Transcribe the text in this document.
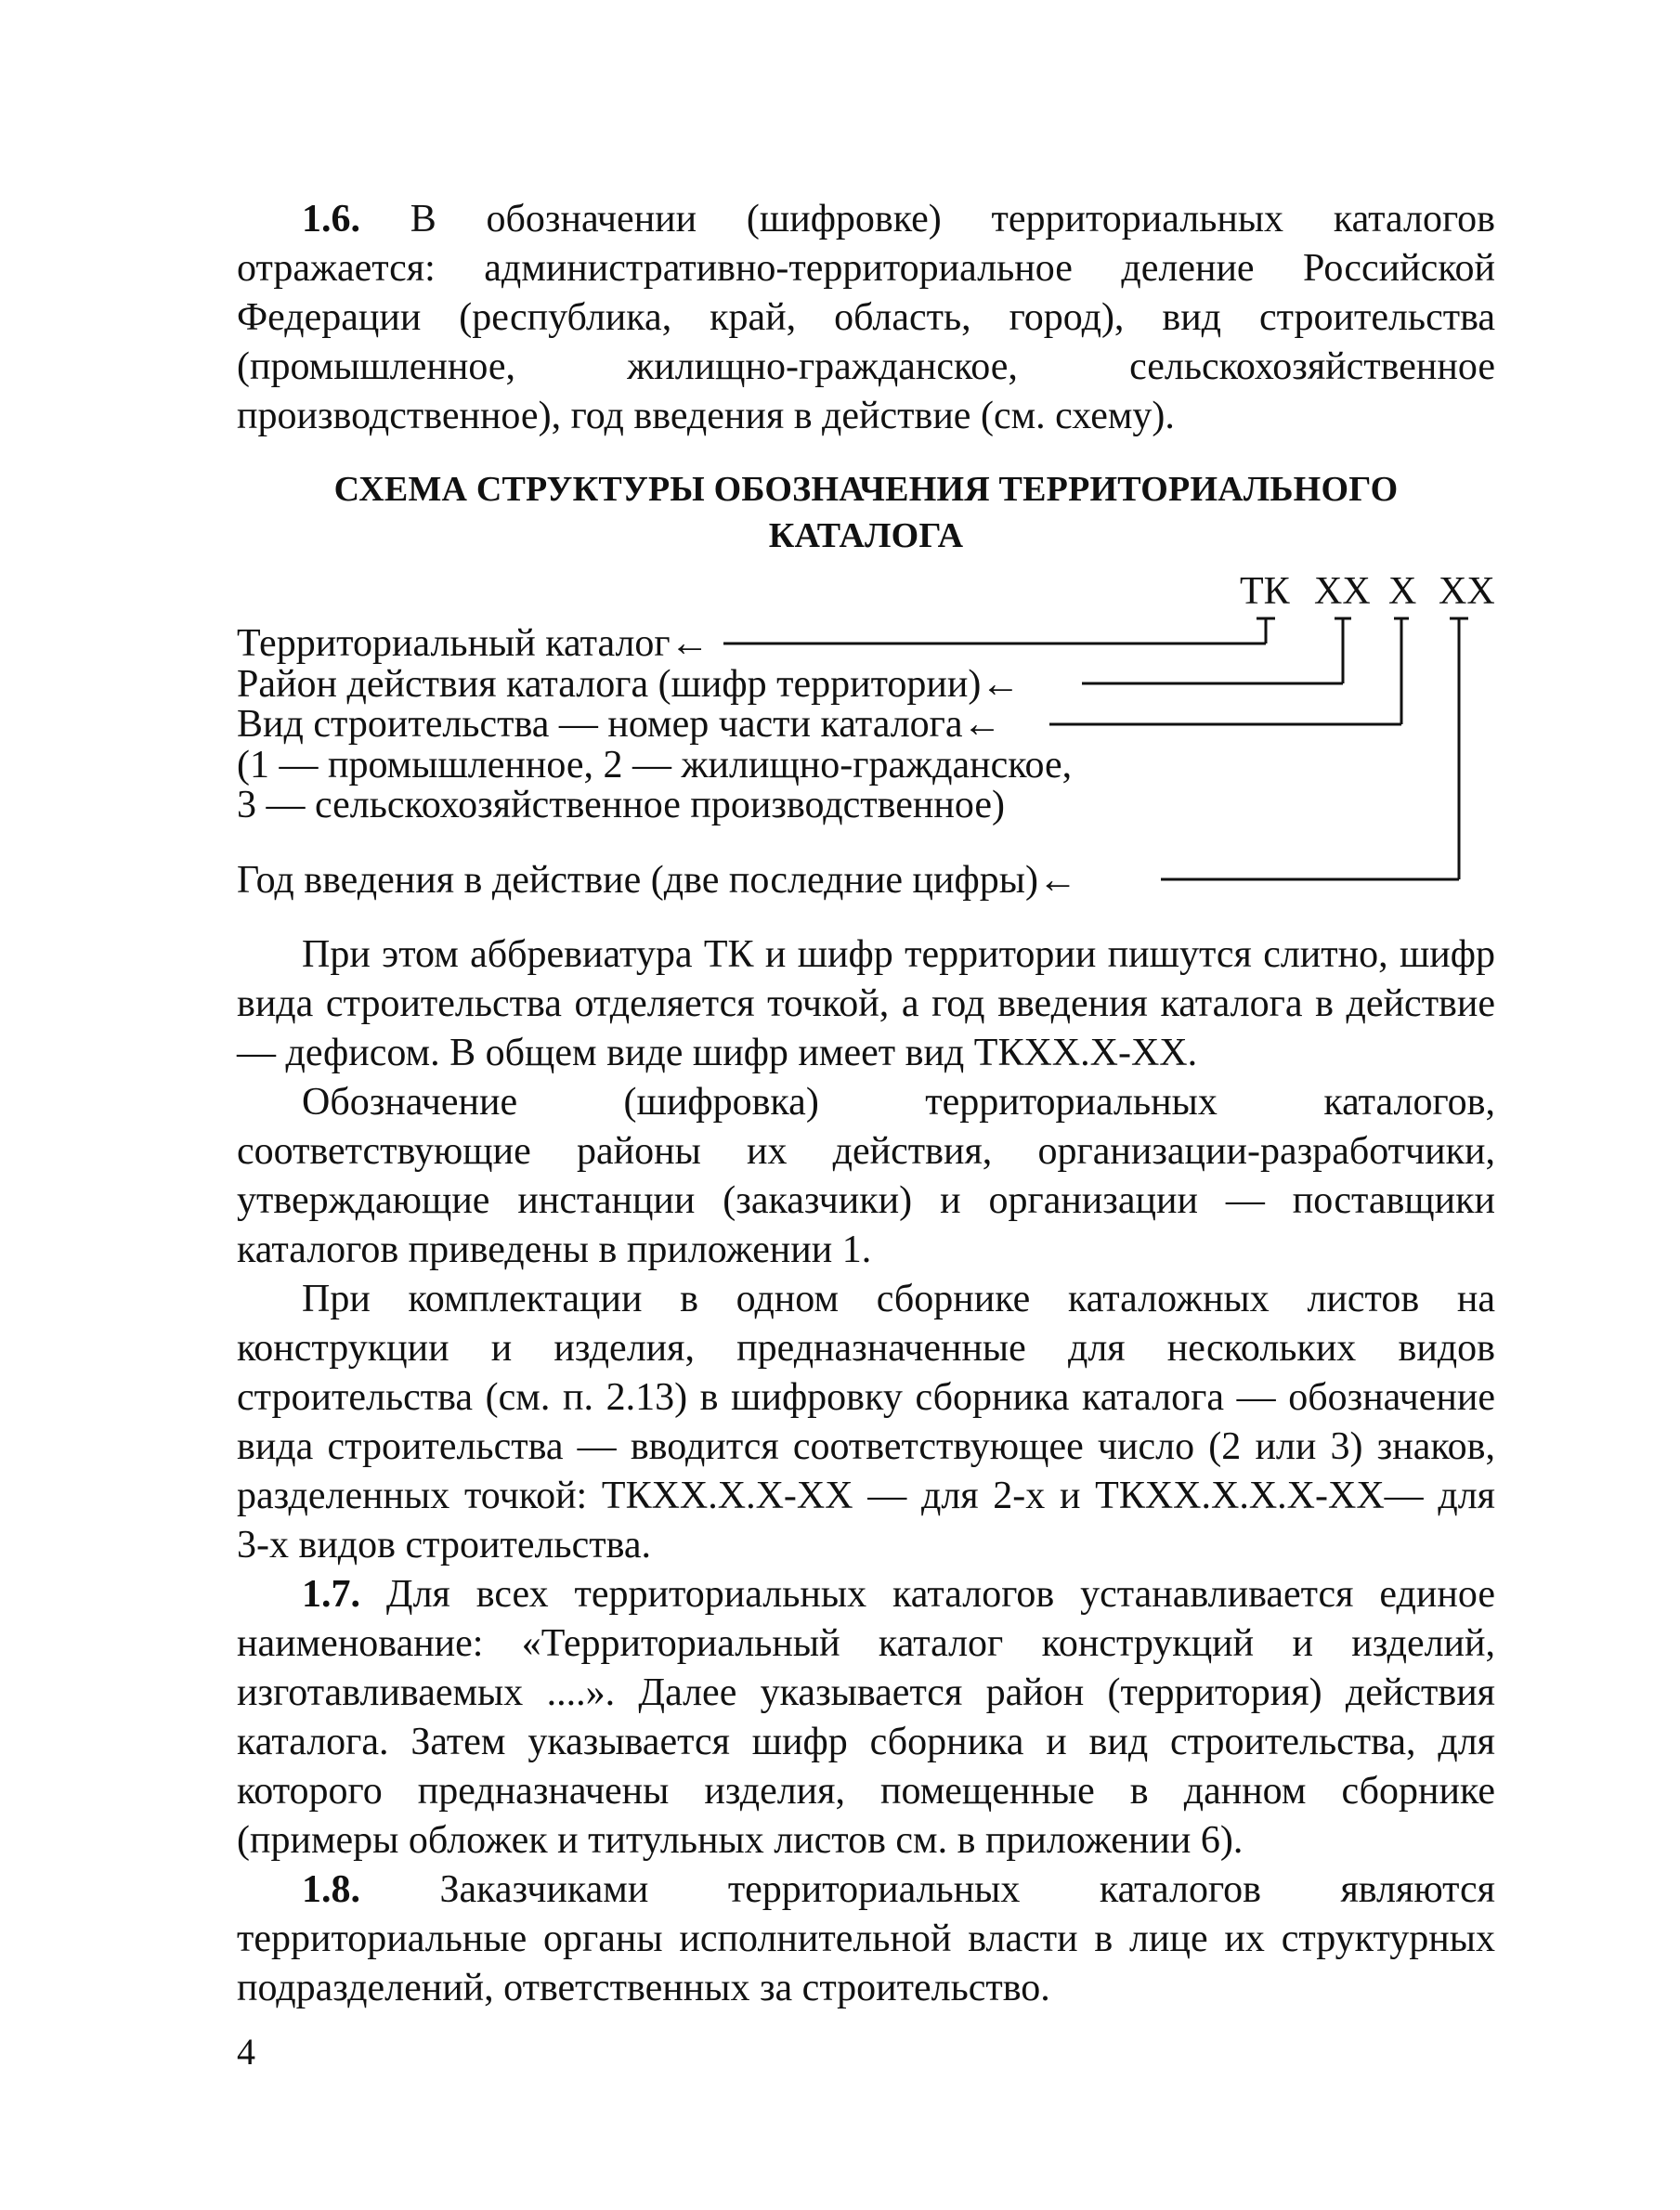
1.6. В обозначении (шифровке) территориальных каталогов отражается: административно-территориальное деление Российской Федерации (республика, край, область, город), вид строительства (промышленное, жилищно-гражданское, сельскохозяйственное производственное), год введения в действие (см. схему).

СХЕМА СТРУКТУРЫ ОБОЗНАЧЕНИЯ ТЕРРИТОРИАЛЬНОГО
КАТАЛОГА
ТК ХХ Х ХХ
Территориальный каталог←
Район действия каталога (шифр территории)←
Вид строительства — номер части каталога←
(1 — промышленное, 2 — жилищно-гражданское,
3 — сельскохозяйственное производственное)
Год введения в действие (две последние цифры)←

При этом аббревиатура ТК и шифр территории пишутся слитно, шифр вида строительства отделяется точкой, а год введения каталога в действие — дефисом. В общем виде шифр имеет вид ТКХХ.Х-ХХ.

Обозначение (шифровка) территориальных каталогов, соответствующие районы их действия, организации-разработчики, утверждающие инстанции (заказчики) и организации — поставщики каталогов приведены в приложении 1.

При комплектации в одном сборнике каталожных листов на конструкции и изделия, предназначенные для нескольких видов строительства (см. п. 2.13) в шифровку сборника каталога — обозначение вида строительства — вводится соответствующее число (2 или 3) знаков, разделенных точкой: ТКХХ.Х.Х-ХХ — для 2-х и ТКХХ.Х.Х.Х-ХХ— для 3-х видов строительства.

1.7. Для всех территориальных каталогов устанавливается единое наименование: «Территориальный каталог конструкций и изделий, изготавливаемых ....». Далее указывается район (территория) действия каталога. Затем указывается шифр сборника и вид строительства, для которого предназначены изделия, помещенные в данном сборнике (примеры обложек и титульных листов см. в приложении 6).

1.8. Заказчиками территориальных каталогов являются территориальные органы исполнительной власти в лице их структурных подразделений, ответственных за строительство.

4
